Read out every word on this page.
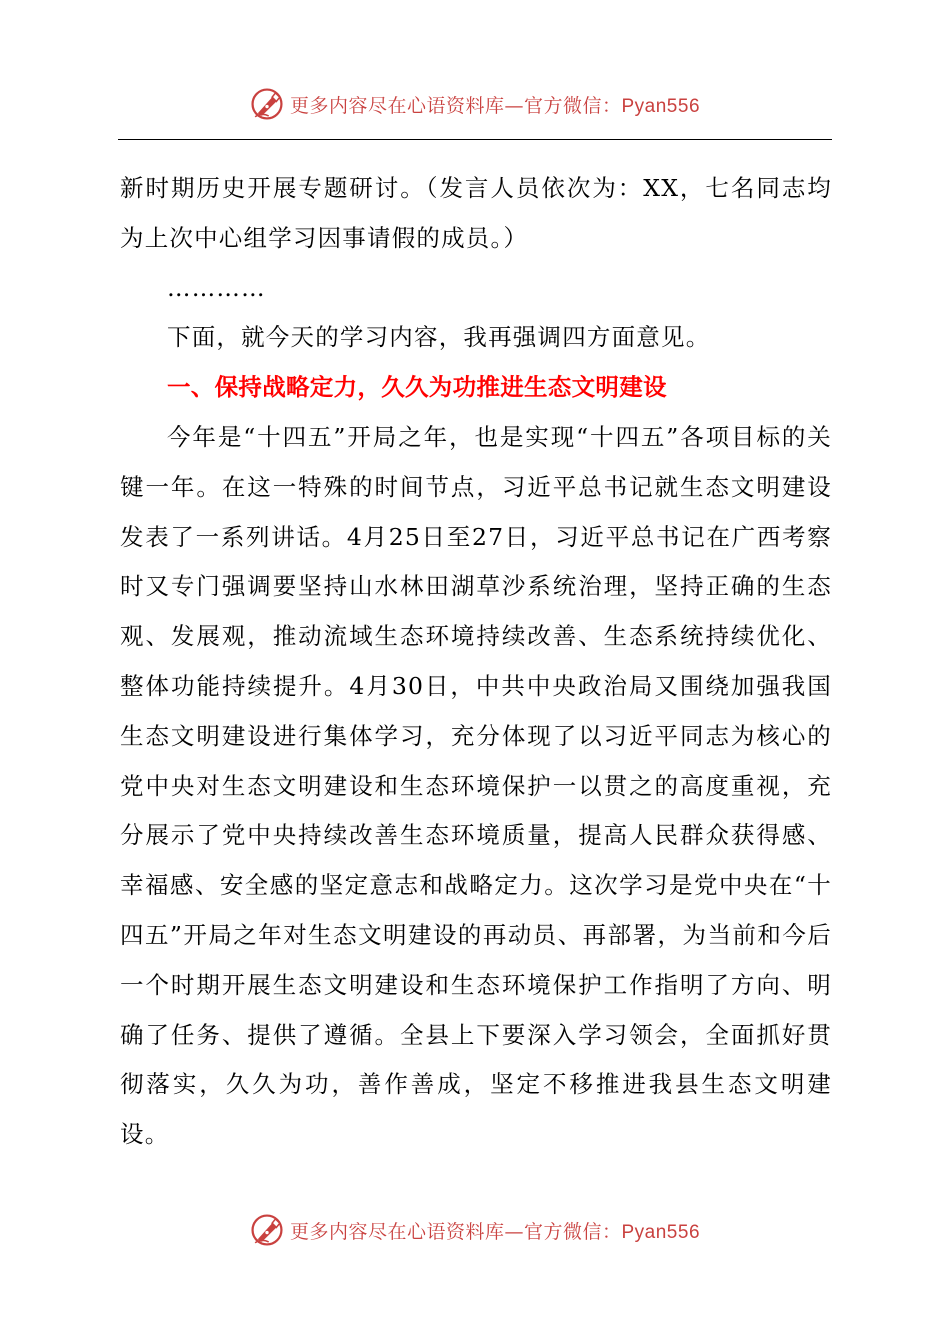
更多内容尽在心语资料库—官方微信：Pyan556

新时期历史开展专题研讨。（发言人员依次为：XX，七名同志均为上次中心组学习因事请假的成员。）

…………

下面，就今天的学习内容，我再强调四方面意见。

一、保持战略定力，久久为功推进生态文明建设

今年是“十四五”开局之年，也是实现“十四五”各项目标的关键一年。在这一特殊的时间节点，习近平总书记就生态文明建设发表了一系列讲话。4月25日至27日，习近平总书记在广西考察时又专门强调要坚持山水林田湖草沙系统治理，坚持正确的生态观、发展观，推动流域生态环境持续改善、生态系统持续优化、整体功能持续提升。4月30日，中共中央政治局又围绕加强我国生态文明建设进行集体学习，充分体现了以习近平同志为核心的党中央对生态文明建设和生态环境保护一以贯之的高度重视，充分展示了党中央持续改善生态环境质量，提高人民群众获得感、幸福感、安全感的坚定意志和战略定力。这次学习是党中央在“十四五”开局之年对生态文明建设的再动员、再部署，为当前和今后一个时期开展生态文明建设和生态环境保护工作指明了方向、明确了任务、提供了遵循。全县上下要深入学习领会，全面抓好贯彻落实，久久为功，善作善成，坚定不移推进我县生态文明建设。

更多内容尽在心语资料库—官方微信：Pyan556
